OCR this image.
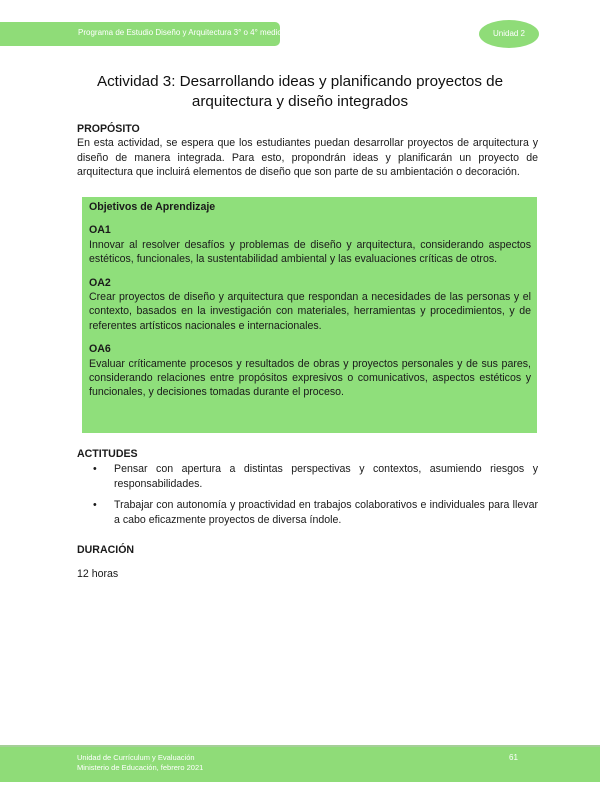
Programa de Estudio Diseño y Arquitectura 3° o 4° medio	Unidad 2
Actividad 3: Desarrollando ideas y planificando proyectos de arquitectura y diseño integrados
PROPÓSITO
En esta actividad, se espera que los estudiantes puedan desarrollar proyectos de arquitectura y diseño de manera integrada. Para esto, propondrán ideas y planificarán un proyecto de arquitectura que incluirá elementos de diseño que son parte de su ambientación o decoración.
Objetivos de Aprendizaje
OA1
Innovar al resolver desafíos y problemas de diseño y arquitectura, considerando aspectos estéticos, funcionales, la sustentabilidad ambiental y las evaluaciones críticas de otros.
OA2
Crear proyectos de diseño y arquitectura que respondan a necesidades de las personas y el contexto, basados en la investigación con materiales, herramientas y procedimientos, y de referentes artísticos nacionales e internacionales.
OA6
Evaluar críticamente procesos y resultados de obras y proyectos personales y de sus pares, considerando relaciones entre propósitos expresivos o comunicativos, aspectos estéticos y funcionales, y decisiones tomadas durante el proceso.
ACTITUDES
• Pensar con apertura a distintas perspectivas y contextos, asumiendo riesgos y responsabilidades.
• Trabajar con autonomía y proactividad en trabajos colaborativos e individuales para llevar a cabo eficazmente proyectos de diversa índole.
DURACIÓN
12 horas
Unidad de Currículum y Evaluación
Ministerio de Educación, febrero 2021
61
